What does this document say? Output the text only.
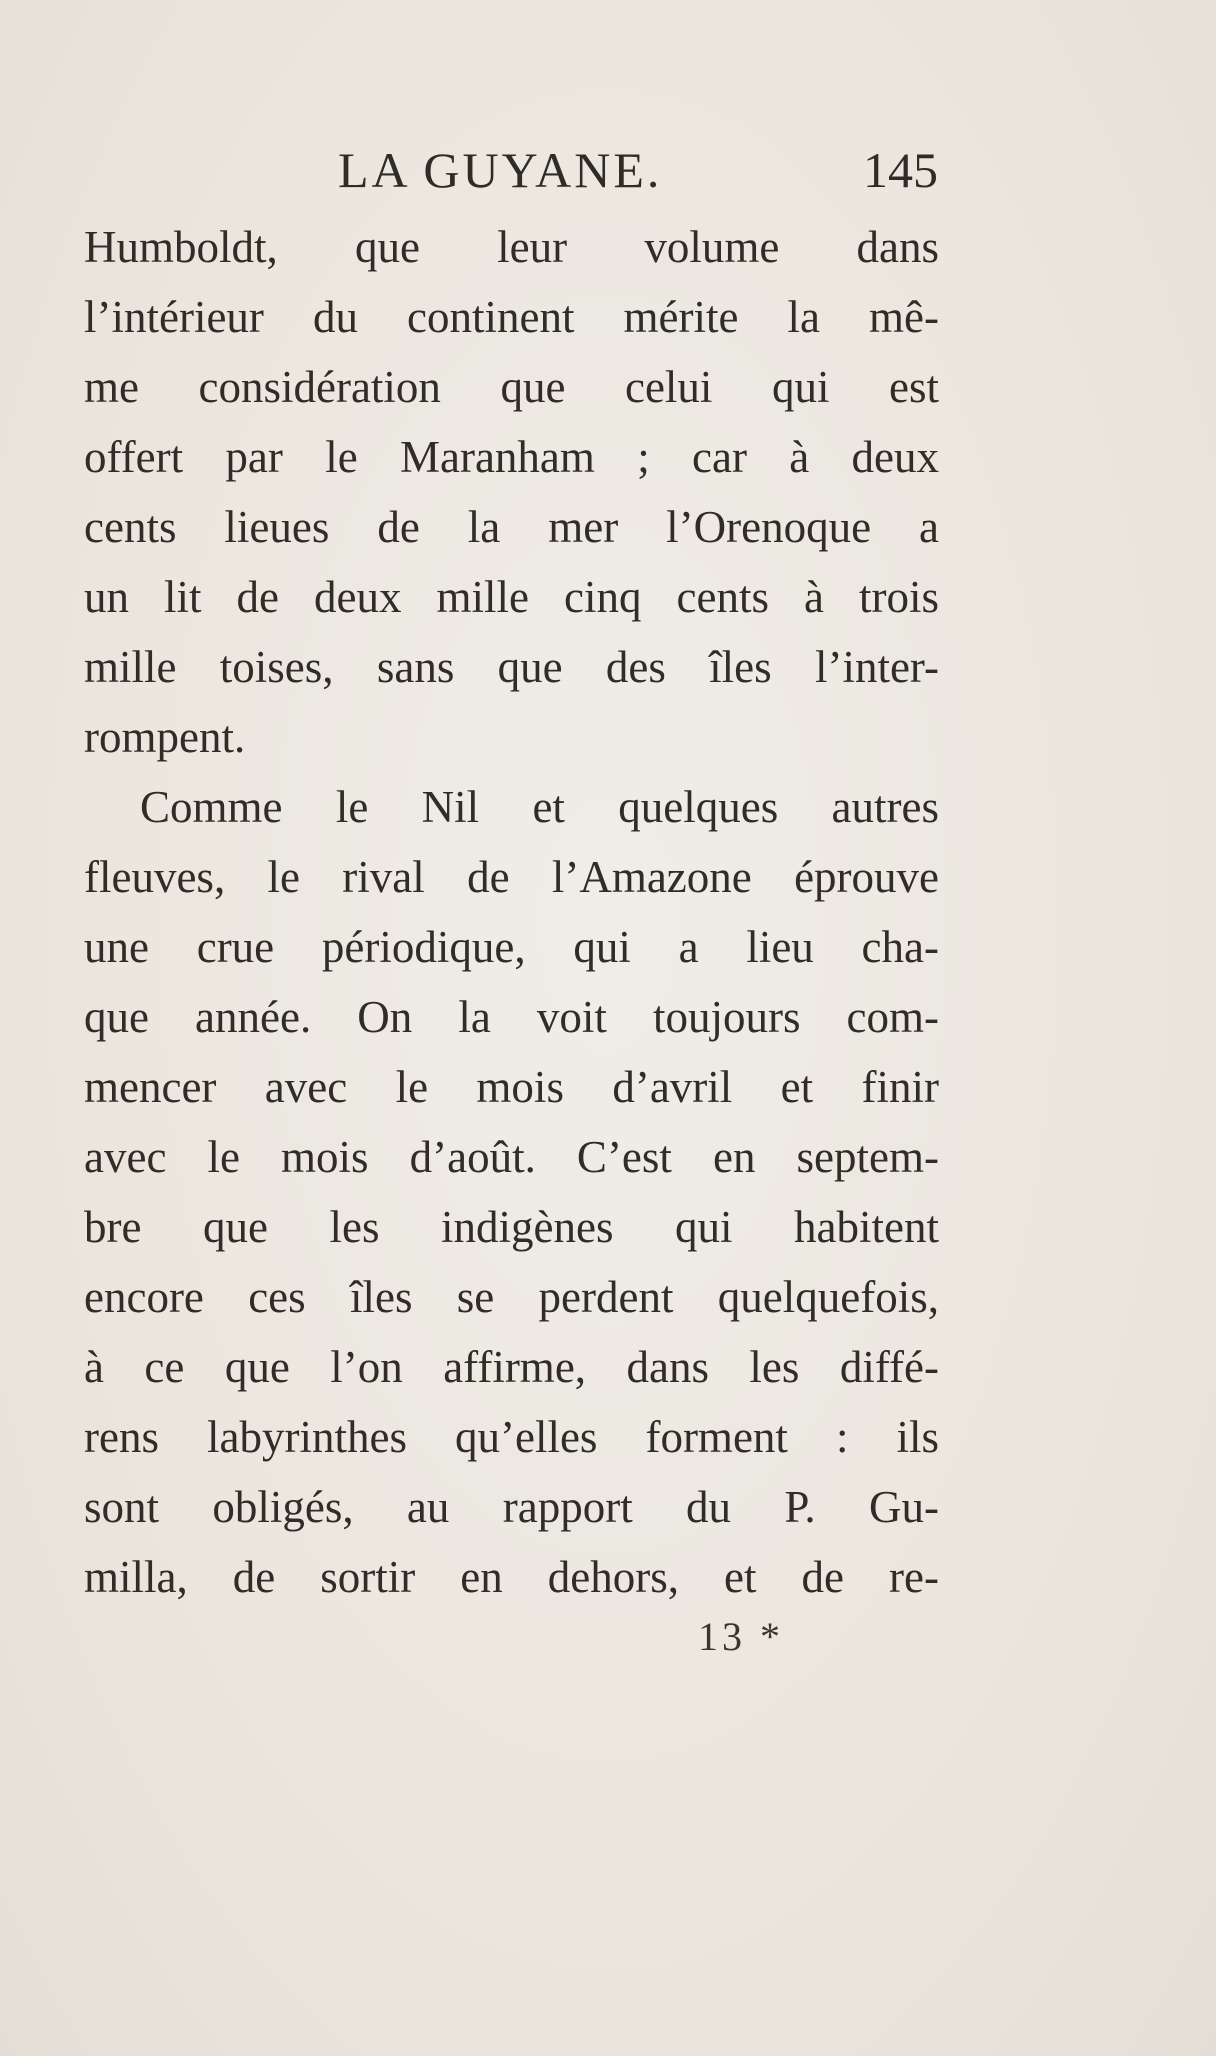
LA GUYANE.	145
Humboldt, que leur volume dans
l’intérieur du continent mérite la mê-
me considération que celui qui est
offert par le Maranham ; car à deux
cents lieues de la mer l’Orenoque a
un lit de deux mille cinq cents à trois
mille toises, sans que des îles l’inter-
rompent.
Comme le Nil et quelques autres
fleuves, le rival de l’Amazone éprouve
une crue périodique, qui a lieu cha-
que année. On la voit toujours com-
mencer avec le mois d’avril et finir
avec le mois d’août. C’est en septem-
bre que les indigènes qui habitent
encore ces îles se perdent quelquefois,
à ce que l’on affirme, dans les diffé-
rens labyrinthes qu’elles forment : ils
sont obligés, au rapport du P. Gu-
milla, de sortir en dehors, et de re-
13 *
